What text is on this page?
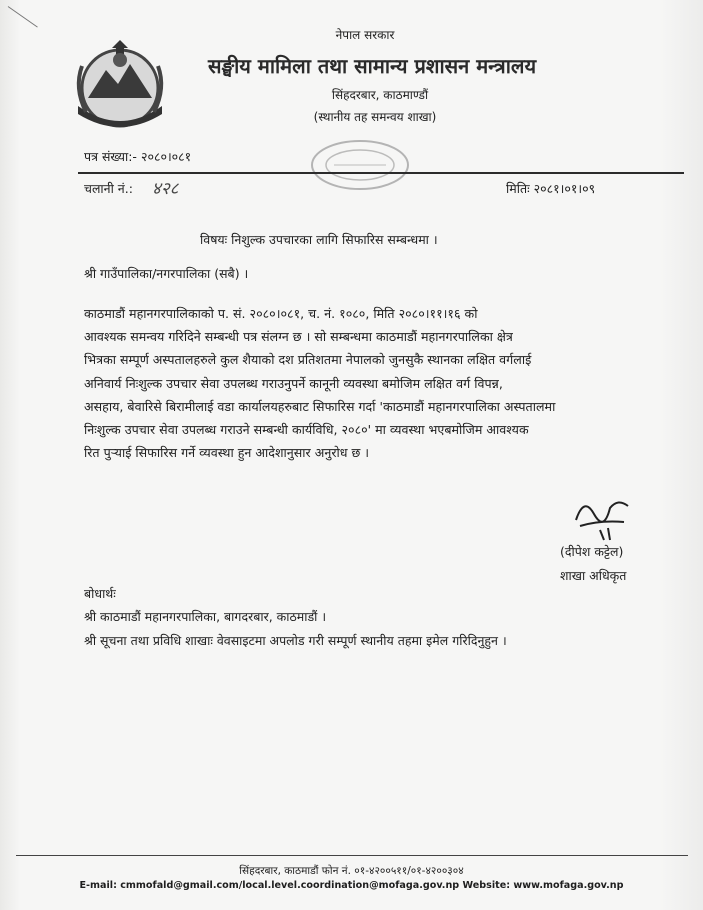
नेपाल सरकार
सङ्घीय मामिला तथा सामान्य प्रशासन मन्त्रालय
सिंहदरबार, काठमाण्डौं
(स्थानीय तह समन्वय शाखा)
पत्र संख्या:- २०८०।०८१
चलानी नं.: ४२८	मितिः २०८१।०१।०९
विषयः निशुल्क उपचारका लागि सिफारिस सम्बन्धमा ।
श्री गाउँपालिका/नगरपालिका (सबै) ।
काठमाडौं महानगरपालिकाको प. सं. २०८०।०८१, च. नं. १०८०, मिति २०८०।११।१६ को
आवश्यक समन्वय गरिदिने सम्बन्धी पत्र संलग्न छ । सो सम्बन्धमा काठमाडौं महानगरपालिका क्षेत्र
भित्रका सम्पूर्ण अस्पतालहरुले कुल शैयाको दश प्रतिशतमा नेपालको जुनसुकै स्थानका लक्षित वर्गलाई
अनिवार्य निःशुल्क उपचार सेवा उपलब्ध गराउनुपर्ने कानूनी व्यवस्था बमोजिम लक्षित वर्ग विपन्न,
असहाय, बेवारिसे बिरामीलाई वडा कार्यालयहरुबाट सिफारिस गर्दा 'काठमाडौं महानगरपालिका अस्पतालमा
निःशुल्क उपचार सेवा उपलब्ध गराउने सम्बन्धी कार्यविधि, २०८०' मा व्यवस्था भएबमोजिम आवश्यक
रित पुऱ्याई सिफारिस गर्ने व्यवस्था हुन आदेशानुसार अनुरोध छ ।
(दीपेश कट्टेल)
शाखा अधिकृत
बोधार्थः
श्री काठमाडौं महानगरपालिका, बागदरबार, काठमाडौं ।
श्री सूचना तथा प्रविधि शाखाः वेवसाइटमा अपलोड गरी सम्पूर्ण स्थानीय तहमा इमेल गरिदिनुहुन ।
सिंहदरबार, काठमाडौं फोन नं. ०१-४२००५११/०१-४२००३०४
E-mail: cmmofald@gmail.com/local.level.coordination@mofaga.gov.np Website: www.mofaga.gov.np
